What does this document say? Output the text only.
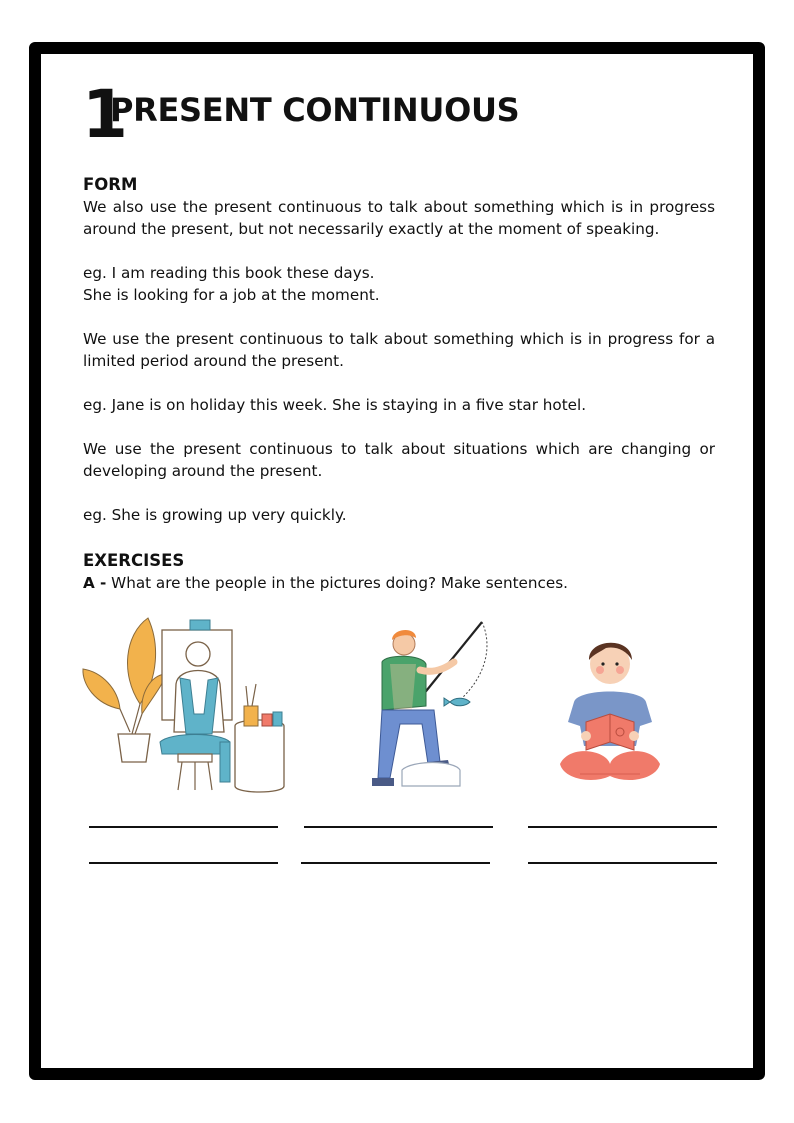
1
PRESENT CONTINUOUS
FORM

We also use the present continuous to talk about something which is in progress around the present, but not necessarily exactly at the moment of speaking.

eg. I am reading this book these days.

She is looking for a job at the moment.

We use the present continuous to talk about something which is in progress for a limited period around the present.

eg. Jane is on holiday this week. She is staying in a five star hotel.

We use the present continuous to talk about situations which are changing or developing around the present.

eg. She is growing up very quickly.

EXERCISES

A - What are the people in the pictures doing? Make sentences.
